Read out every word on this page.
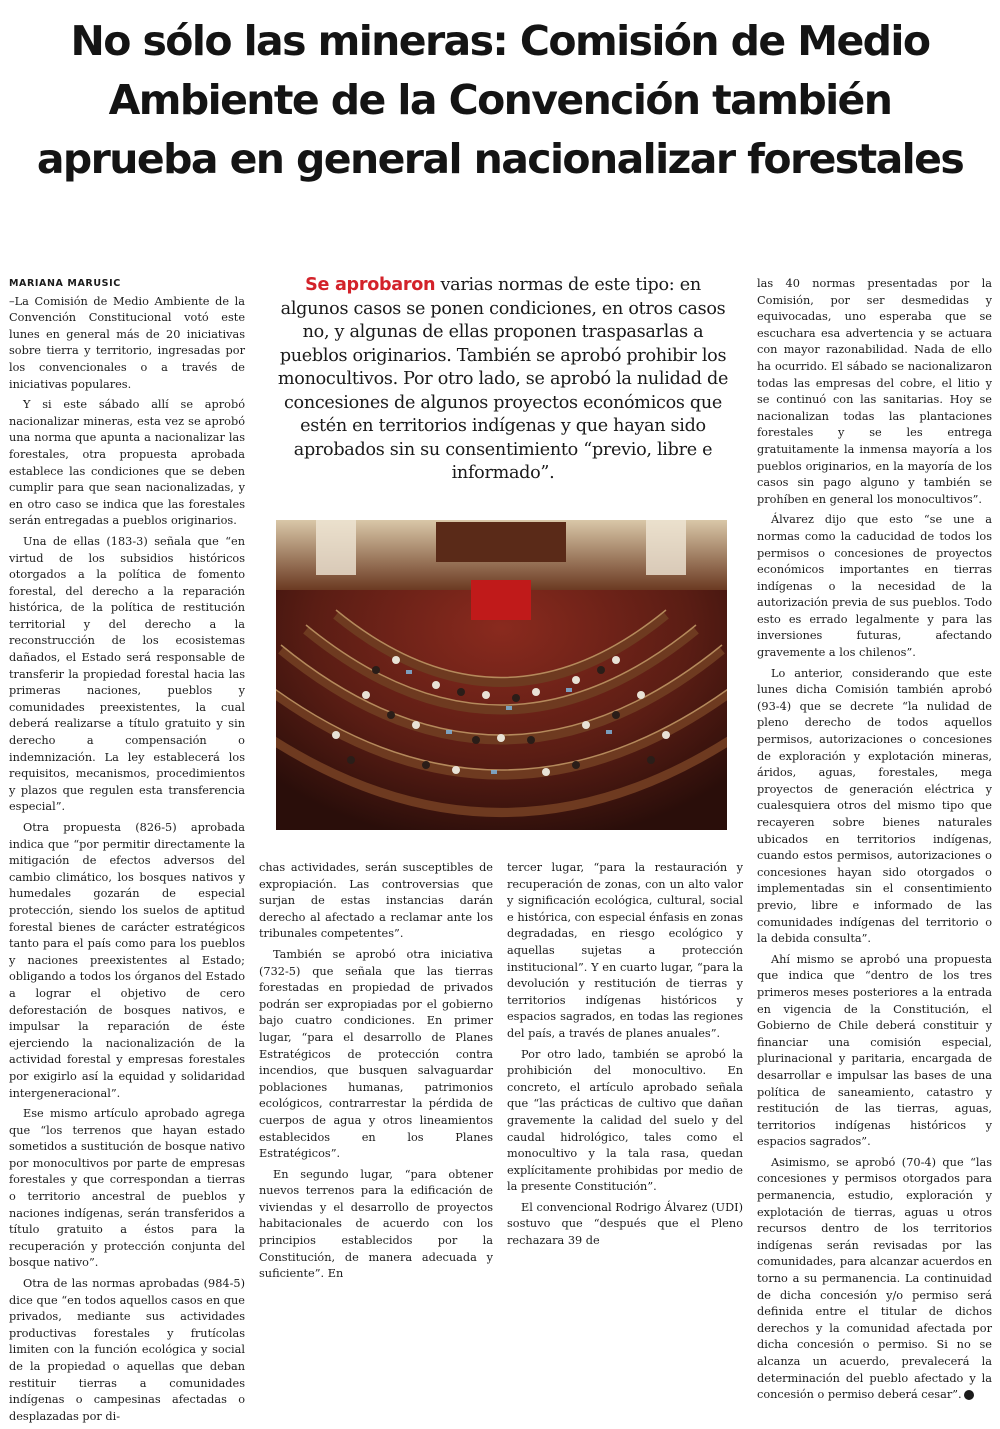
No sólo las mineras: Comisión de Medio
Ambiente de la Convención también
aprueba en general nacionalizar forestales

MARIANA MARUSIC

–La Comisión de Medio Ambiente de la Convención Constitucional votó este lunes en general más de 20 iniciativas sobre tierra y territorio, ingresadas por los convencionales o a través de iniciativas populares.

Y si este sábado allí se aprobó nacionalizar mineras, esta vez se aprobó una norma que apunta a nacionalizar las forestales, otra propuesta aprobada establece las condiciones que se deben cumplir para que sean nacionalizadas, y en otro caso se indica que las forestales serán entregadas a pueblos originarios.

Una de ellas (183-3) señala que “en virtud de los subsidios históricos otorgados a la política de fomento forestal, del derecho a la reparación histórica, de la política de restitución territorial y del derecho a la reconstrucción de los ecosistemas dañados, el Estado será responsable de transferir la propiedad forestal hacia las primeras naciones, pueblos y comunidades preexistentes, la cual deberá realizarse a título gratuito y sin derecho a compensación o indemnización. La ley establecerá los requisitos, mecanismos, procedimientos y plazos que regulen esta transferencia especial”.

Otra propuesta (826-5) aprobada indica que “por permitir directamente la mitigación de efectos adversos del cambio climático, los bosques nativos y humedales gozarán de especial protección, siendo los suelos de aptitud forestal bienes de carácter estratégicos tanto para el país como para los pueblos y naciones preexistentes al Estado; obligando a todos los órganos del Estado a lograr el objetivo de cero deforestación de bosques nativos, e impulsar la reparación de éste ejerciendo la nacionalización de la actividad forestal y empresas forestales por exigirlo así la equidad y solidaridad intergeneracional”.

Ese mismo artículo aprobado agrega que “los terrenos que hayan estado sometidos a sustitución de bosque nativo por monocultivos por parte de empresas forestales y que correspondan a tierras o territorio ancestral de pueblos y naciones indígenas, serán transferidos a título gratuito a éstos para la recuperación y protección conjunta del bosque nativo”.

Otra de las normas aprobadas (984-5) dice que “en todos aquellos casos en que privados, mediante sus actividades productivas forestales y frutícolas limiten con la función ecológica y social de la propiedad o aquellas que deban restituir tierras a comunidades indígenas o campesinas afectadas o desplazadas por di-

Se aprobaron varias normas de este tipo: en algunos casos se ponen condiciones, en otros casos no, y algunas de ellas proponen traspasarlas a pueblos originarios. También se aprobó prohibir los monocultivos. Por otro lado, se aprobó la nulidad de concesiones de algunos proyectos económicos que estén en territorios indígenas y que hayan sido aprobados sin su consentimiento “previo, libre e informado”.

chas actividades, serán susceptibles de expropiación. Las controversias que surjan de estas instancias darán derecho al afectado a reclamar ante los tribunales competentes”.

También se aprobó otra iniciativa (732-5) que señala que las tierras forestadas en propiedad de privados podrán ser expropiadas por el gobierno bajo cuatro condiciones. En primer lugar, “para el desarrollo de Planes Estratégicos de protección contra incendios, que busquen salvaguardar poblaciones humanas, patrimonios ecológicos, contrarrestar la pérdida de cuerpos de agua y otros lineamientos establecidos en los Planes Estratégicos”.

En segundo lugar, “para obtener nuevos terrenos para la edificación de viviendas y el desarrollo de proyectos habitacionales de acuerdo con los principios establecidos por la Constitución, de manera adecuada y suficiente”. En

tercer lugar, “para la restauración y recuperación de zonas, con un alto valor y significación ecológica, cultural, social e histórica, con especial énfasis en zonas degradadas, en riesgo ecológico y aquellas sujetas a protección institucional”. Y en cuarto lugar, “para la devolución y restitución de tierras y territorios indígenas históricos y espacios sagrados, en todas las regiones del país, a través de planes anuales”.

Por otro lado, también se aprobó la prohibición del monocultivo. En concreto, el artículo aprobado señala que “las prácticas de cultivo que dañan gravemente la calidad del suelo y del caudal hidrológico, tales como el monocultivo y la tala rasa, quedan explícitamente prohibidas por medio de la presente Constitución”.

El convencional Rodrigo Álvarez (UDI) sostuvo que “después que el Pleno rechazara 39 de

las 40 normas presentadas por la Comisión, por ser desmedidas y equivocadas, uno esperaba que se escuchara esa advertencia y se actuara con mayor razonabilidad. Nada de ello ha ocurrido. El sábado se nacionalizaron todas las empresas del cobre, el litio y se continuó con las sanitarias. Hoy se nacionalizan todas las plantaciones forestales y se les entrega gratuitamente la inmensa mayoría a los pueblos originarios, en la mayoría de los casos sin pago alguno y también se prohíben en general los monocultivos”.

Álvarez dijo que esto “se une a normas como la caducidad de todos los permisos o concesiones de proyectos económicos importantes en tierras indígenas o la necesidad de la autorización previa de sus pueblos. Todo esto es errado legalmente y para las inversiones futuras, afectando gravemente a los chilenos”.

Lo anterior, considerando que este lunes dicha Comisión también aprobó (93-4) que se decrete “la nulidad de pleno derecho de todos aquellos permisos, autorizaciones o concesiones de exploración y explotación mineras, áridos, aguas, forestales, mega proyectos de generación eléctrica y cualesquiera otros del mismo tipo que recayeren sobre bienes naturales ubicados en territorios indígenas, cuando estos permisos, autorizaciones o concesiones hayan sido otorgados o implementadas sin el consentimiento previo, libre e informado de las comunidades indígenas del territorio o la debida consulta”.

Ahí mismo se aprobó una propuesta que indica que “dentro de los tres primeros meses posteriores a la entrada en vigencia de la Constitución, el Gobierno de Chile deberá constituir y financiar una comisión especial, plurinacional y paritaria, encargada de desarrollar e impulsar las bases de una política de saneamiento, catastro y restitución de las tierras, aguas, territorios indígenas históricos y espacios sagrados”.

Asimismo, se aprobó (70-4) que “las concesiones y permisos otorgados para permanencia, estudio, exploración y explotación de tierras, aguas u otros recursos dentro de los territorios indígenas serán revisadas por las comunidades, para alcanzar acuerdos en torno a su permanencia. La continuidad de dicha concesión y/o permiso será definida entre el titular de dichos derechos y la comunidad afectada por dicha concesión o permiso. Si no se alcanza un acuerdo, prevalecerá la determinación del pueblo afectado y la concesión o permiso deberá cesar”. P
